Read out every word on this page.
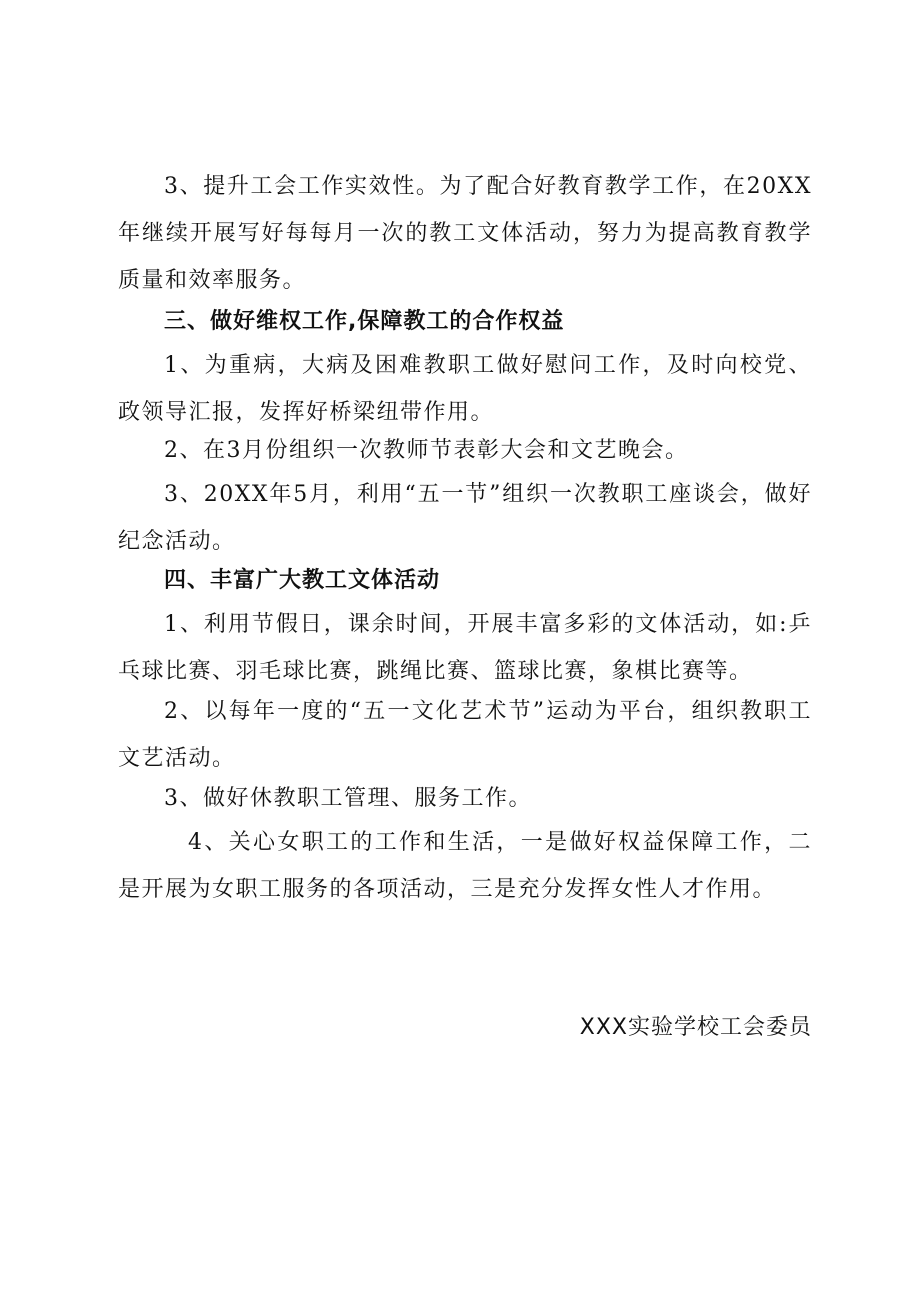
3、提升工会工作实效性。为了配合好教育教学工作，在20XX年继续开展写好每每月一次的教工文体活动，努力为提高教育教学质量和效率服务。

三、做好维权工作,保障教工的合作权益

1、为重病，大病及困难教职工做好慰问工作，及时向校党、政领导汇报，发挥好桥梁纽带作用。

2、在3月份组织一次教师节表彰大会和文艺晚会。

3、20XX年5月，利用“五一节”组织一次教职工座谈会，做好纪念活动。

四、丰富广大教工文体活动

1、利用节假日，课余时间，开展丰富多彩的文体活动，如:乒乓球比赛、羽毛球比赛，跳绳比赛、篮球比赛，象棋比赛等。

2、以每年一度的“五一文化艺术节”运动为平台，组织教职工文艺活动。

3、做好休教职工管理、服务工作。

4、关心女职工的工作和生活，一是做好权益保障工作，二是开展为女职工服务的各项活动，三是充分发挥女性人才作用。

XXX实验学校工会委员
